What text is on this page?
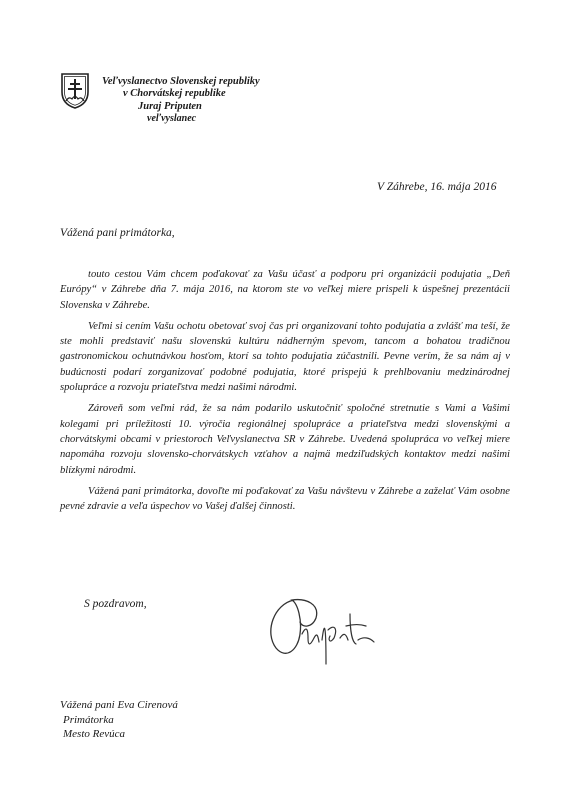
Veľvyslanectvo Slovenskej republiky
v Chorvátskej republike
Juraj Priputen
veľvyslanec
V Záhrebe, 16. mája 2016
Vážená pani primátorka,

touto cestou Vám chcem poďakovať za Vašu účasť a podporu pri organizácii podujatia „Deň Európy“ v Záhrebe dňa 7. mája 2016, na ktorom ste vo veľkej miere prispeli k úspešnej prezentácii Slovenska v Záhrebe.

Veľmi si cením Vašu ochotu obetovať svoj čas pri organizovaní tohto podujatia a zvlášť ma teší, že ste mohli predstaviť našu slovenskú kultúru nádherným spevom, tancom a bohatou tradičnou gastronomickou ochutnávkou hosťom, ktorí sa tohto podujatia zúčastnili. Pevne verím, že sa nám aj v budúcnosti podarí zorganizovať podobné podujatia, ktoré prispejú k prehlbovaniu medzinárodnej spolupráce a rozvoju priateľstva medzi našimi národmi.

Zároveň som veľmi rád, že sa nám podarilo uskutočniť spoločné stretnutie s Vami a Vašimi kolegami pri príležitosti 10. výročia regionálnej spolupráce a priateľstva medzi slovenskými a chorvátskymi obcami v priestoroch Veľvyslanectva SR v Záhrebe. Uvedená spolupráca vo veľkej miere napomáha rozvoju slovensko-chorvátskych vzťahov a najmä medziľudských kontaktov medzi našimi blízkymi národmi.

Vážená pani primátorka, dovoľte mi poďakovať za Vašu návštevu v Záhrebe a zaželať Vám osobne pevné zdravie a veľa úspechov vo Vašej ďalšej činnosti.

S pozdravom,
Vážená pani Eva Cirenová
Primátorka
Mesto Revúca
